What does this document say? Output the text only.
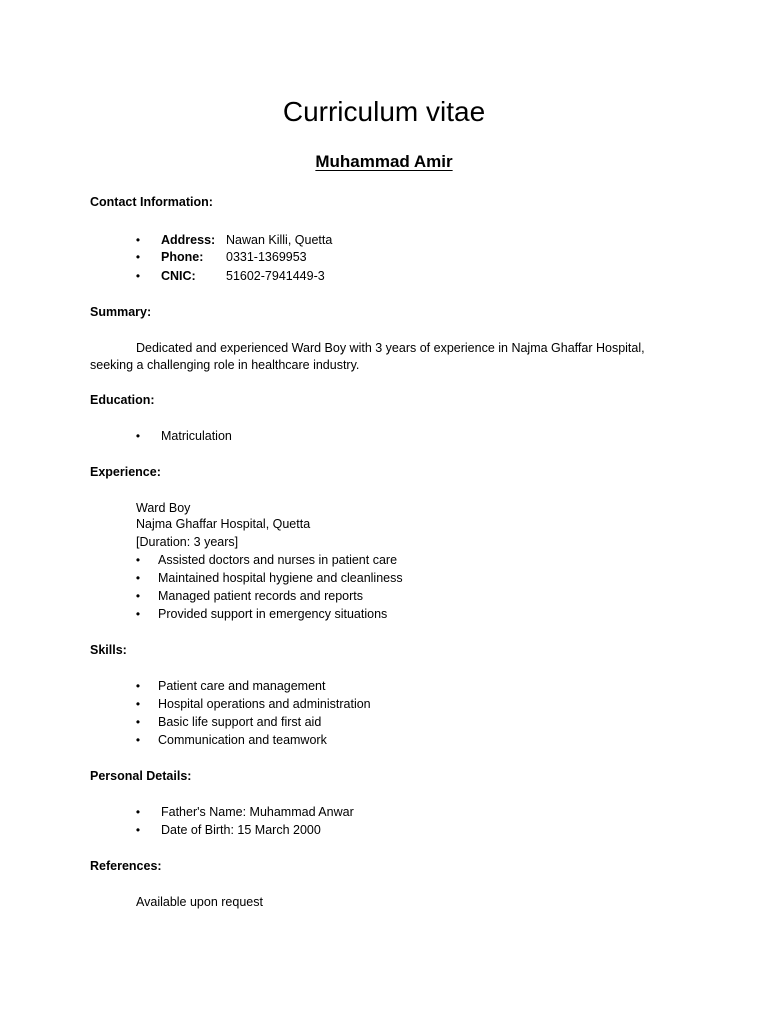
Curriculum vitae
Muhammad Amir
Contact Information:
• Address: Nawan Killi, Quetta
• Phone: 0331-1369953
• CNIC: 51602-7941449-3
Summary:
Dedicated and experienced Ward Boy with 3 years of experience in Najma Ghaffar Hospital,
seeking a challenging role in healthcare industry.
Education:
• Matriculation
Experience:
Ward Boy
Najma Ghaffar Hospital, Quetta
[Duration: 3 years]
• Assisted doctors and nurses in patient care
• Maintained hospital hygiene and cleanliness
• Managed patient records and reports
• Provided support in emergency situations
Skills:
• Patient care and management
• Hospital operations and administration
• Basic life support and first aid
• Communication and teamwork
Personal Details:
• Father's Name: Muhammad Anwar
• Date of Birth: 15 March 2000
References:
Available upon request
